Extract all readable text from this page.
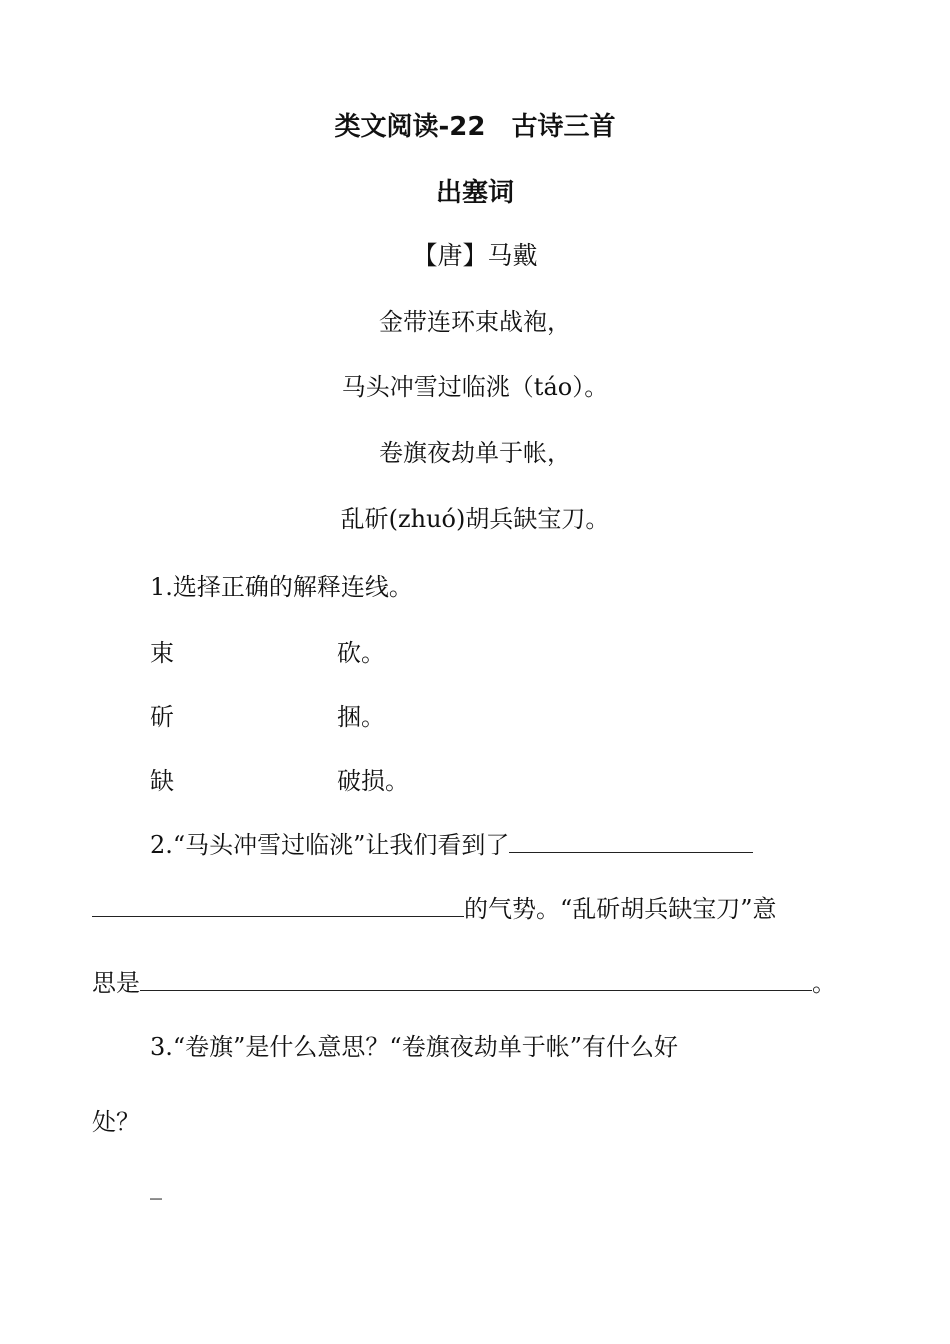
类文阅读-22　古诗三首
出塞词
【唐】马戴
金带连环束战袍，
马头冲雪过临洮（táo）。
卷旗夜劫单于帐，
乱斫(zhuó)胡兵缺宝刀。
1.选择正确的解释连线。
束	砍。
斫	捆。
缺	破损。
2.“马头冲雪过临洮”让我们看到了
的气势。“乱斫胡兵缺宝刀”意
思是	。
3.“卷旗”是什么意思？“卷旗夜劫单于帐”有什么好
处？
_
